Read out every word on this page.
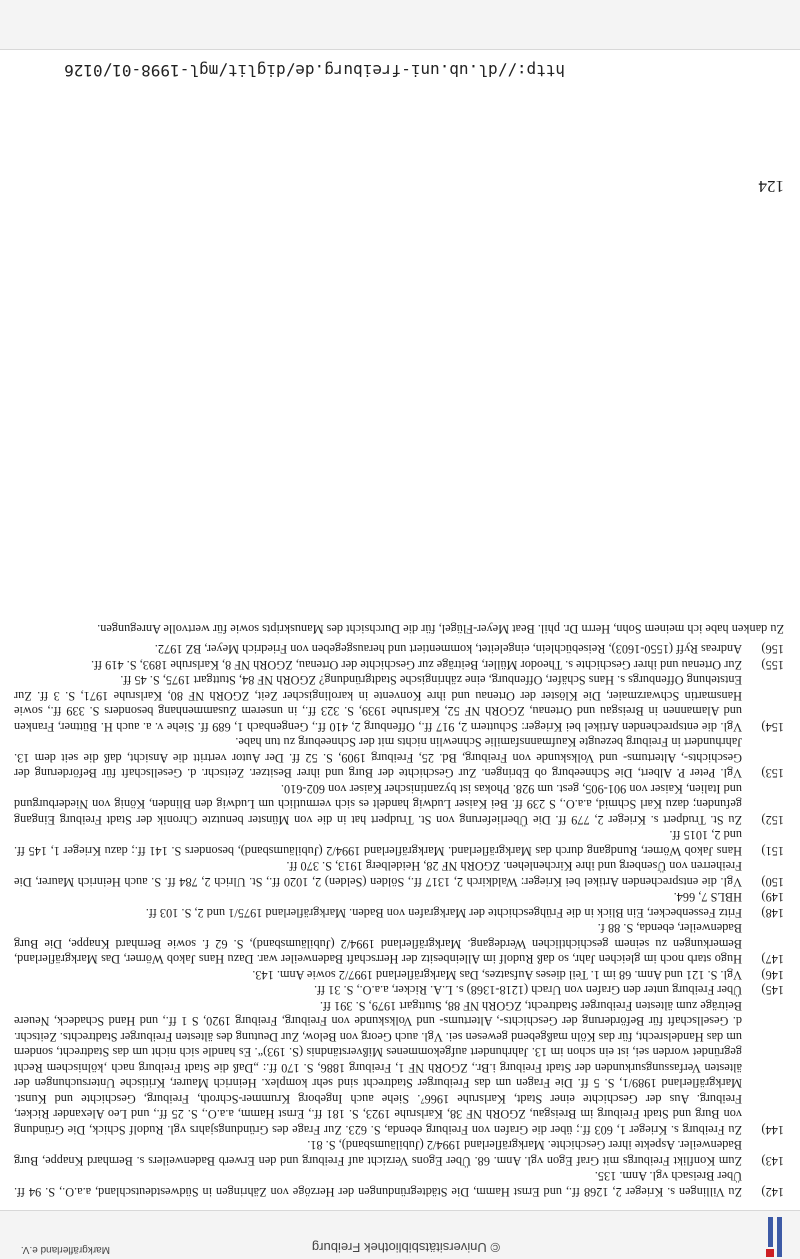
© Universitätsbibliothek Freiburg
Markgräflerland e.V.
142)
Zu Villingen s. Krieger 2, 1268 ff., und Ernst Hamm, Die Städtegründungen der Herzöge von Zähringen in Südwestdeutschland, a.a.O., S. 94 ff. Über Breisach vgl. Anm. 135.
143)
Zum Konflikt Freiburgs mit Graf Egon vgl. Anm. 68. Über Egons Verzicht auf Freiburg und den Erwerb Badenweilers s. Bernhard Knappe, Burg Badenweiler. Aspekte ihrer Geschichte. Markgräflerland 1994/2 (Jubiläumsband), S. 81.
144)
Zu Freiburg s. Krieger 1, 603 ff.; über die Grafen von Freiburg ebenda, S. 623. Zur Frage des Gründungsjahrs vgl. Rudolf Schick, Die Gründung von Burg und Stadt Freiburg im Breisgau, ZGORh NF 38, Karlsruhe 1923, S. 181 ff., Ernst Hamm, a.a.O., S. 25 ff., und Leo Alexander Ricker, Freiburg. Aus der Geschichte einer Stadt, Karlsruhe 1966⁷. Siehe auch Ingeborg Krummer-Schroth, Freiburg, Geschichte und Kunst. Markgräflerland 1989/1, S. 5 ff. Die Fragen um das Freiburger Stadtrecht sind sehr komplex. Heinrich Maurer, Kritische Untersuchungen der ältesten Verfassungsurkunden der Stadt Freiburg i.Br., ZGORh NF 1, Freiburg 1886, S. 170 ff.: „Daß die Stadt Freiburg nach ‚kölnischem Recht gegründet worden sei, ist ein schon im 13. Jahrhundert aufgekommenes Mißverständnis (S. 193)“. Es handle sich nicht um das Stadtrecht, sondern um das Handelsrecht, für das Köln maßgebend gewesen sei. Vgl. auch Georg von Below, Zur Deutung des ältesten Freiburger Stadtrechts. Zeitschr. d. Gesellschaft für Beförderung der Geschichts-, Altertums- und Volkskunde von Freiburg, Freiburg 1920, S 1 ff., und Hand Schadeck, Neuere Beiträge zum ältesten Freiburger Stadtrecht, ZGORh NF 88, Stuttgart 1979, S. 391 ff.
145)
Über Freiburg unter den Grafen von Urach (1218-1368) s. L.A. Ricker, a.a.O., S. 31 ff.
146)
Vgl. S. 121 und Anm. 68 im 1. Teil dieses Aufsatzes, Das Markgräflerland 1997/2 sowie Anm. 143.
147)
Hugo starb noch im gleichen Jahr, so daß Rudolf im Alleinbesitz der Herrschaft Badenweiler war. Dazu Hans Jakob Wörner, Das Markgräflerland, Bemerkungen zu seinem geschichtlichen Werdegang. Markgräflerland 1994/2 (Jubiläumsband), S. 62 f. sowie Bernhard Knappe, Die Burg Badenweiler, ebenda, S. 88 f.
148)
Fritz Fessenbecker, Ein Blick in die Frühgeschichte der Markgrafen von Baden. Markgräflerland 1975/1 und 2, S. 103 ff.
149)
HBLS 7, 664.
150)
Vgl. die entsprechenden Artikel bei Krieger: Waldkirch 2, 1317 ff., Sölden (Selden) 2, 1020 ff., St. Ulrich 2, 784 ff. S. auch Heinrich Maurer, Die Freiherren von Üsenberg und ihre Kirchenlehen. ZGORh NF 28, Heidelberg 1913, S. 370 ff.
151)
Hans Jakob Wörner, Rundgang durch das Markgräflerland. Markgräflerland 1994/2 (Jubiläumsband), besonders S. 141 ff.; dazu Krieger 1, 145 ff. und 2, 1015 ff.
152)
Zu St. Trudpert s. Krieger 2, 779 ff. Die Überlieferung von St. Trudpert hat in die von Münster benutzte Chronik der Stadt Freiburg Eingang gefunden; dazu Karl Schmid, a.a.O., S 239 ff. Bei Kaiser Ludwig handelt es sich vermutlich um Ludwig den Blinden, König von Niederburgund und Italien, Kaiser von 901-905, gest. um 928. Phokas ist byzantinischer Kaiser von 602-610.
153)
Vgl. Peter P. Albert, Die Schneeburg ob Ebringen. Zur Geschichte der Burg und ihrer Besitzer. Zeitschr. d. Gesellschaft für Beförderung der Geschichts-, Altertums- und Volkskunde von Freiburg, Bd. 25, Freiburg 1909, S. 52 ff. Der Autor vertritt die Ansicht, daß die seit dem 13. Jahrhundert in Freiburg bezeugte Kaufmannsfamilie Schnewlin nichts mit der Schneeburg zu tun habe.
154)
Vgl. die entsprechenden Artikel bei Krieger: Schuttern 2, 917 ff., Offenburg 2, 410 ff., Gengenbach 1, 689 ff. Siehe v. a. auch H. Büttner, Franken und Alamannen in Breisgau und Ortenau, ZGORh NF 52, Karlsruhe 1939, S. 323 ff., in unserem Zusammenhang besonders S. 339 ff., sowie Hansmartin Schwarzmaier, Die Klöster der Ortenau und ihre Konvente in karolingischer Zeit, ZGORh NF 80, Karlsruhe 1971, S. 3 ff. Zur Entstehung Offenburgs s. Hans Schäfer, Offenburg, eine zähringische Stadtgründung? ZGORh NF 84, Stuttgart 1975, S. 45 ff.
155)
Zur Ortenau und ihrer Geschichte s. Theodor Müller, Beiträge zur Geschichte der Ortenau, ZGORh NF 8, Karlsruhe 1893, S. 419 ff.
156)
Andreas Ryff (1550-1603), Reisebüchlein, eingeleitet, kommentiert und herausgegeben von Friedrich Meyer, BZ 1972.
Zu danken habe ich meinem Sohn, Herrn Dr. phil. Beat Meyer-Flügel, für die Durchsicht des Manuskripts sowie für wertvolle Anregungen.
124
http://dl.ub.uni-freiburg.de/diglit/mgl-1998-01/0126
